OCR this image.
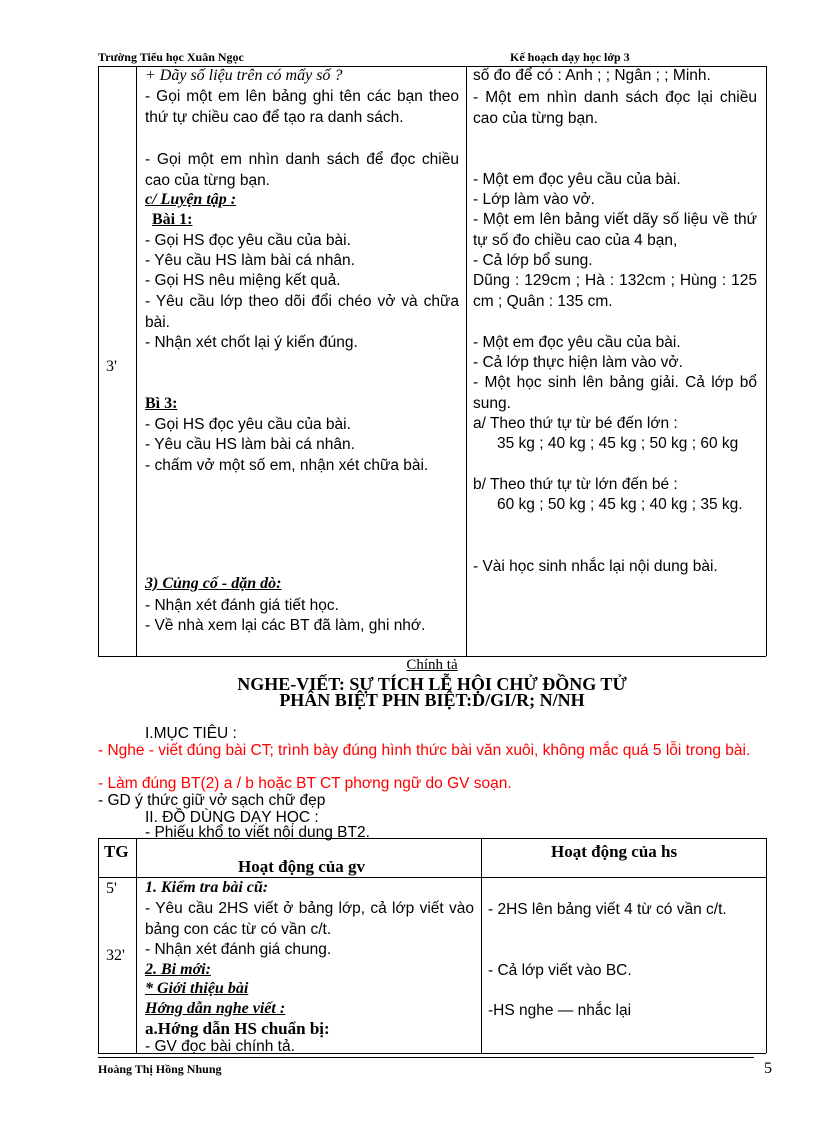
Trường Tiểu học Xuân Ngọc	Kế hoạch dạy học lớp 3
3'
+ Dãy số liệu trên có mấy số ?
- Gọi một em lên bảng ghi tên các bạn theo thứ tự chiều cao để tạo ra danh sách.
- Gọi một em nhìn danh sách để đọc chiều cao của từng bạn.
c/ Luyện tập :
Bài 1:
- Gọi HS đọc yêu cầu của bài.
- Yêu cầu HS làm bài cá nhân.
- Gọi HS nêu miệng kết quả.
- Yêu cầu lớp theo dõi đổi chéo vở và chữa bài.
- Nhận xét chốt lại ý kiến đúng.
Bì 3:
- Gọi HS đọc yêu cầu của bài.
- Yêu cầu HS làm bài cá nhân.
- chấm vở một số em, nhận xét chữa bài.
3) Củng cố - dặn dò:
- Nhận xét đánh giá tiết học.
- Về nhà xem lại các BT đã làm, ghi nhớ.
số đo để có : Anh ; ; Ngân ; ; Minh.
- Một em nhìn danh sách đọc lại chiều cao của từng bạn.
- Một em đọc yêu cầu của bài.
- Lớp làm vào vở.
- Một em lên bảng viết dãy số liệu về thứ tự số đo chiều cao của 4 bạn,
- Cả lớp bổ sung.
Dũng : 129cm ; Hà : 132cm ; Hùng : 125 cm ; Quân : 135 cm.
- Một em đọc yêu cầu của bài.
- Cả lớp thực hiện làm vào vở.
- Một học sinh lên bảng giải. Cả lớp bổ sung.
a/ Theo thứ tự từ bé đến lớn :
35 kg ; 40 kg ; 45 kg ; 50 kg ; 60 kg
b/ Theo thứ tự từ lớn đến bé :
60 kg ; 50 kg ; 45 kg ; 40 kg ; 35 kg.
- Vài học sinh nhắc lại nội dung bài.
Chính tả
NGHE-VIẾT: SỰ TÍCH LỄ HỘI CHỬ ĐỒNG TỬ
PHÂN BIỆT PHN BIỆT:D/GI/R; N/NH
I.MỤC TIÊU :
- Nghe - viết đúng bài CT; trình bày đúng hình thức bài văn xuôi, không mắc quá 5 lỗi trong bài.
- Làm đúng BT(2) a / b hoặc BT CT phơng ngữ do GV soạn.
- GD ý thức giữ vở sạch chữ đẹp
II. ĐỒ DÙNG DẠY HỌC :
- Phiếu khổ to viết nội dung BT2.
TG
Hoạt động của gv
Hoạt động của hs
5'
32'
1. Kiểm tra bài cũ:
- Yêu cầu 2HS viết ở bảng lớp, cả lớp viết vào bảng con các từ có vần c/t.
- Nhận xét đánh giá chung.
2. Bi mới:
* Giới thiệu bài
Hớng dẫn nghe viết :
a.Hớng dẫn HS chuẩn bị:
- GV đọc bài chính tả.
- 2HS lên bảng viết 4 từ có vần c/t.
- Cả lớp viết vào BC.
-HS nghe — nhắc lại
Hoàng Thị Hồng Nhung	5
